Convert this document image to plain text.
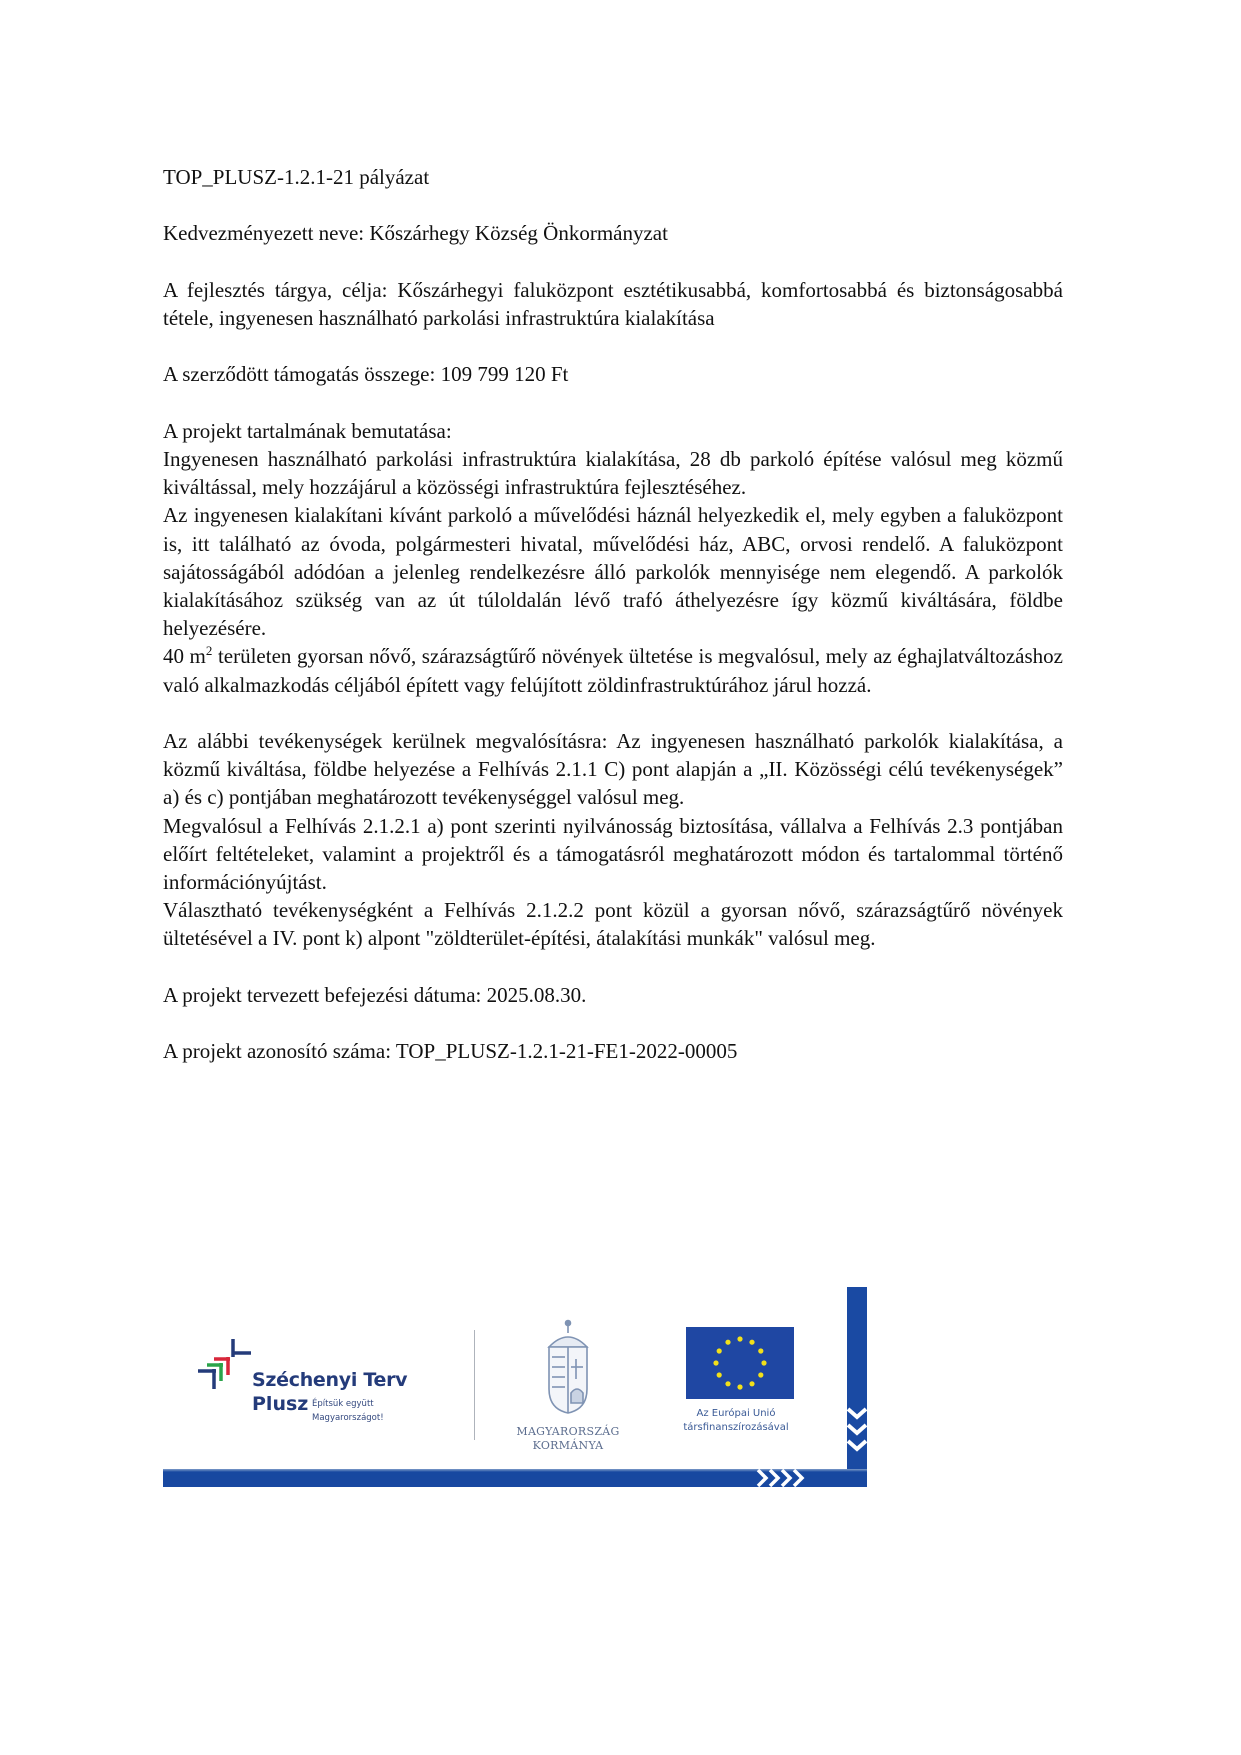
TOP_PLUSZ-1.2.1-21 pályázat

Kedvezményezett neve: Kőszárhegy Község Önkormányzat

A fejlesztés tárgya, célja: Kőszárhegyi faluközpont esztétikusabbá, komfortosabbá és biztonságosabbá tétele, ingyenesen használható parkolási infrastruktúra kialakítása

A szerződött támogatás összege: 109 799 120 Ft

A projekt tartalmának bemutatása:

Ingyenesen használható parkolási infrastruktúra kialakítása, 28 db parkoló építése valósul meg közmű kiváltással, mely hozzájárul a közösségi infrastruktúra fejlesztéséhez.

Az ingyenesen kialakítani kívánt parkoló a művelődési háznál helyezkedik el, mely egyben a faluközpont is, itt található az óvoda, polgármesteri hivatal, művelődési ház, ABC, orvosi rendelő. A faluközpont sajátosságából adódóan a jelenleg rendelkezésre álló parkolók mennyisége nem elegendő. A parkolók kialakításához szükség van az út túloldalán lévő trafó áthelyezésre így közmű kiváltására, földbe helyezésére.

40 $m^2$ területen gyorsan nővő, szárazságtűrő növények ültetése is megvalósul, mely az éghajlatváltozáshoz való alkalmazkodás céljából épített vagy felújított zöldinfrastruktúrához járul hozzá.

Az alábbi tevékenységek kerülnek megvalósításra: Az ingyenesen használható parkolók kialakítása, a közmű kiváltása, földbe helyezése a Felhívás 2.1.1 C) pont alapján a „II. Közösségi célú tevékenységek” a) és c) pontjában meghatározott tevékenységgel valósul meg.

Megvalósul a Felhívás 2.1.2.1 a) pont szerinti nyilvánosság biztosítása, vállalva a Felhívás 2.3 pontjában előírt feltételeket, valamint a projektről és a támogatásról meghatározott módon és tartalommal történő információnyújtást.

Választható tevékenységként a Felhívás 2.1.2.2 pont közül a gyorsan nővő, szárazságtűrő növények ültetésével a IV. pont k) alpont "zöldterület-építési, átalakítási munkák" valósul meg.

A projekt tervezett befejezési dátuma: 2025.08.30.

A projekt azonosító száma: TOP_PLUSZ-1.2.1-21-FE1-2022-00005

Széchenyi Terv
Plusz Építsük együtt
Magyarországot!
MAGYARORSZÁG
KORMÁNYA
Az Európai Unió
társfinanszírozásával
